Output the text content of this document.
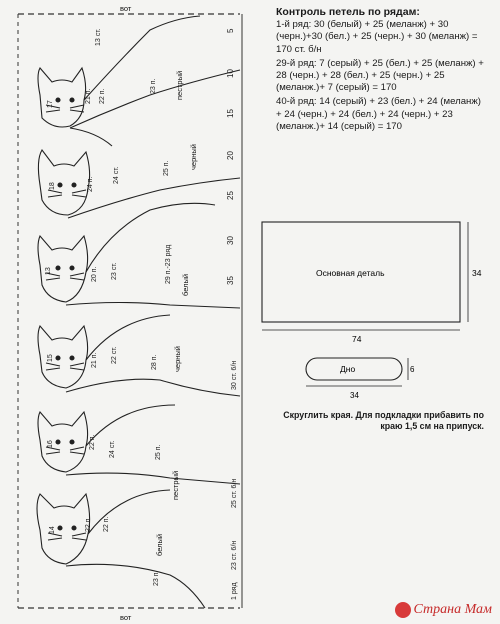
вот
вот
5
10
15
20
25
30
35
30 ст. 6/н
25 ст. 6/н
23 ст. 6/н
1 ряд
17
21 п. 22 п.
23 п. пестрый
13 ст.
18	24 п.
24 ст.	25 п.	черный
13	20 п. 23 ст.	29 п.-23 ряд
белый
15	21 п. 22 ст.	28 п. черный
16	22 п. 24 ст.	25 п.
пестрый
14	22 п. 22 п.
23 п.
белый
Контроль петель по рядам:

1-й ряд: 30 (белый) + 25 (меланж) + 30 (черн.)+30 (бел.) + 25 (черн.) + 30 (меланж) = 170 ст. б/н

29-й ряд: 7 (серый) + 25 (бел.) + 25 (меланж) + 28 (черн.) + 28 (бел.) + 25 (черн.) + 25 (меланж.)+ 7 (серый) = 170

40-й ряд: 14 (серый) + 23 (бел.) + 24 (меланж) + 24 (черн.) + 24 (бел.) + 24 (черн.) + 23 (меланж.)+ 14 (серый) = 170

Основная деталь	34
74
Дно	6
34
Скруглить края. Для подкладки прибавить по краю 1,5 см на припуск.
Страна Мам
